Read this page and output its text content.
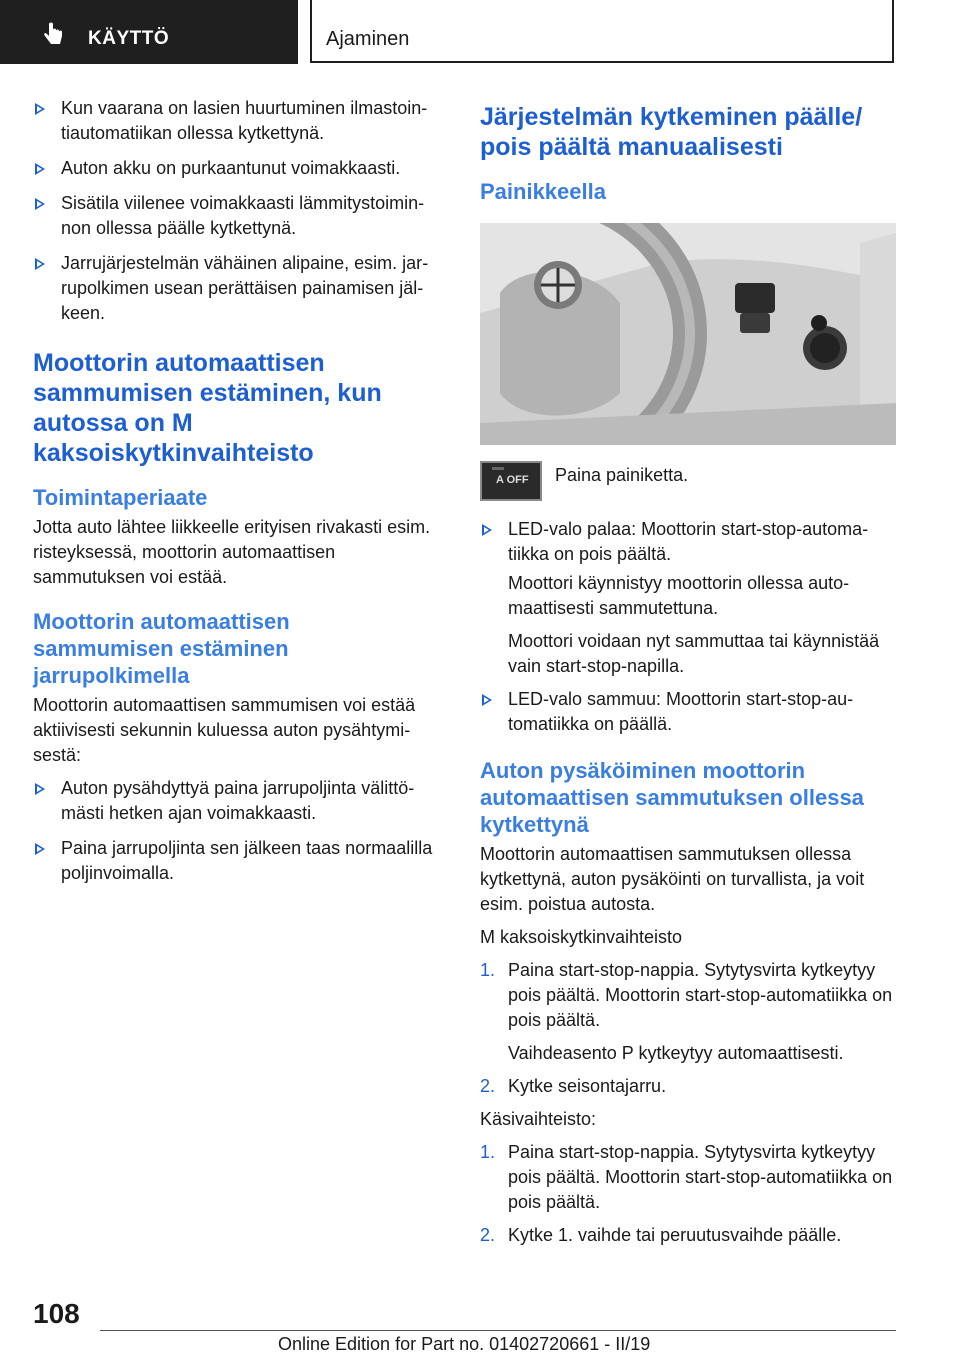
KÄYTTÖ	Ajaminen
Kun vaarana on lasien huurtuminen ilmastointiautomatiikan ollessa kytkettynä.
Auton akku on purkaantunut voimakkaasti.
Sisätila viilenee voimakkaasti lämmitystoiminnon ollessa päälle kytkettynä.
Jarrujärjestelmän vähäinen alipaine, esim. jarrupolkimen usean perättäisen painamisen jälkeen.
Moottorin automaattisen sammumisen estäminen, kun autossa on M kaksoiskytkinvaihteisto
Toimintaperiaate

Jotta auto lähtee liikkeelle erityisen rivakasti esim. risteyksessä, moottorin automaattisen sammutuksen voi estää.

Moottorin automaattisen sammumisen estäminen jarrupolkimella

Moottorin automaattisen sammumisen voi estää aktiivisesti sekunnin kuluessa auton pysähtymisestä:

Auton pysähdyttyä paina jarrupoljinta välittömästi hetken ajan voimakkaasti.
Paina jarrupoljinta sen jälkeen taas normaalilla poljinvoimalla.
Järjestelmän kytkeminen päälle/ pois päältä manuaalisesti
Painikkeella
A OFF Paina painiketta.
LED-valo palaa: Moottorin start-stop-automatiikka on pois päältä.

Moottori käynnistyy moottorin ollessa automaattisesti sammutettuna.

Moottori voidaan nyt sammuttaa tai käynnistää vain start-stop-napilla.

LED-valo sammuu: Moottorin start-stop-automatiikka on päällä.
Auton pysäköiminen moottorin automaattisen sammutuksen ollessa kytkettynä

Moottorin automaattisen sammutuksen ollessa kytkettynä, auton pysäköinti on turvallista, ja voit esim. poistua autosta.

M kaksoiskytkinvaihteisto

1. Paina start-stop-nappia. Sytytysvirta kytkeytyy pois päältä. Moottorin start-stop-automatiikka on pois päältä.

Vaihdeasento P kytkeytyy automaattisesti.

2. Kytke seisontajarru.

Käsivaihteisto:

1. Paina start-stop-nappia. Sytytysvirta kytkeytyy pois päältä. Moottorin start-stop-automatiikka on pois päältä.
2. Kytke 1. vaihde tai peruutusvaihde päälle.
108
Online Edition for Part no. 01402720661 - II/19
